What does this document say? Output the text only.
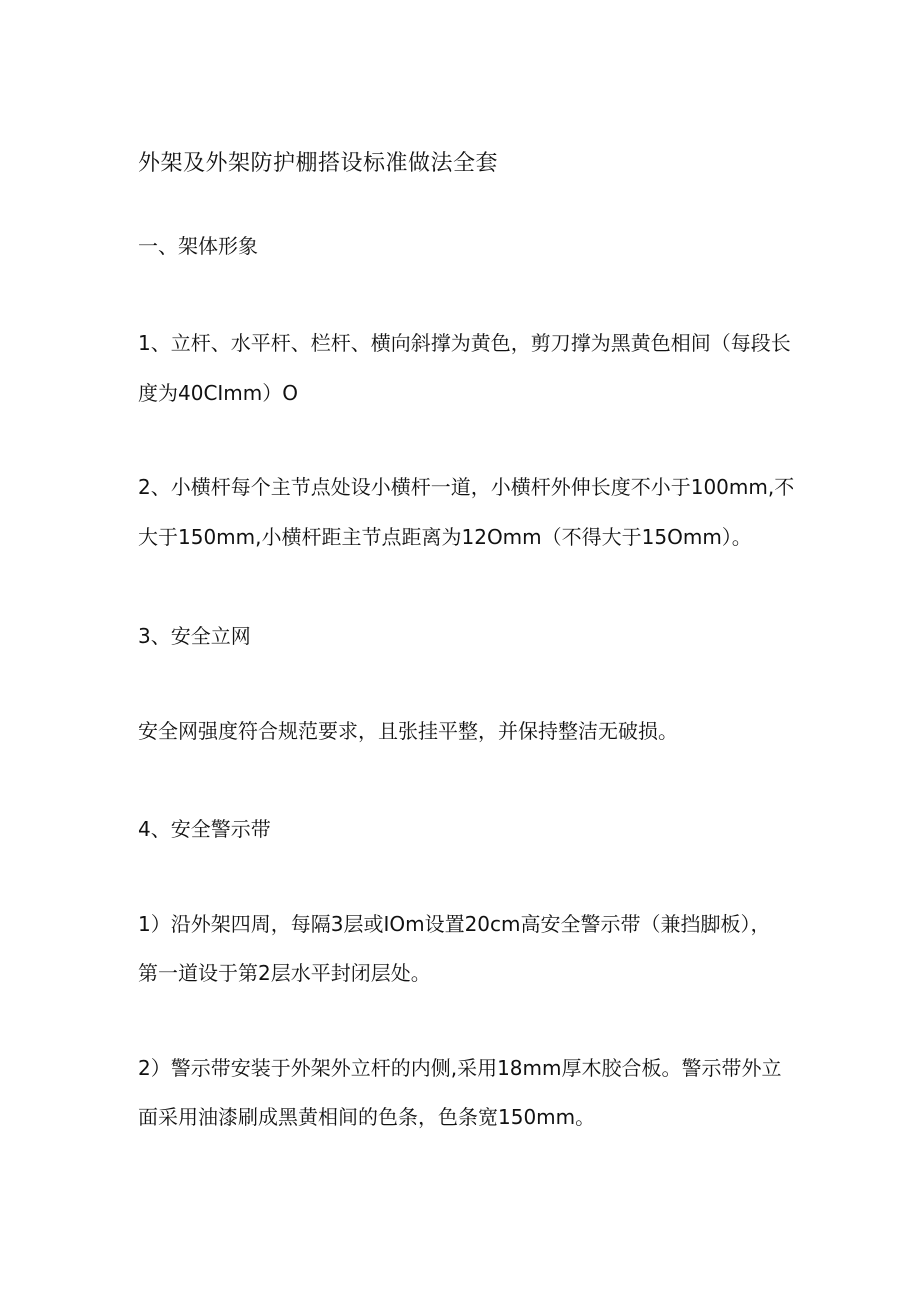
外架及外架防护棚搭设标准做法全套
一、架体形象
1、立杆、水平杆、栏杆、横向斜撑为黄色，剪刀撑为黑黄色相间（每段长
度为40CImm）O
2、小横杆每个主节点处设小横杆一道，小横杆外伸长度不小于100mm,不
大于150mm,小横杆距主节点距离为12Omm（不得大于15Omm）。
3、安全立网
安全网强度符合规范要求，且张挂平整，并保持整洁无破损。
4、安全警示带
1）沿外架四周，每隔3层或IOm设置20cm高安全警示带（兼挡脚板），
第一道设于第2层水平封闭层处。
2）警示带安装于外架外立杆的内侧,采用18mm厚木胶合板。警示带外立
面采用油漆刷成黑黄相间的色条，色条宽150mm。
